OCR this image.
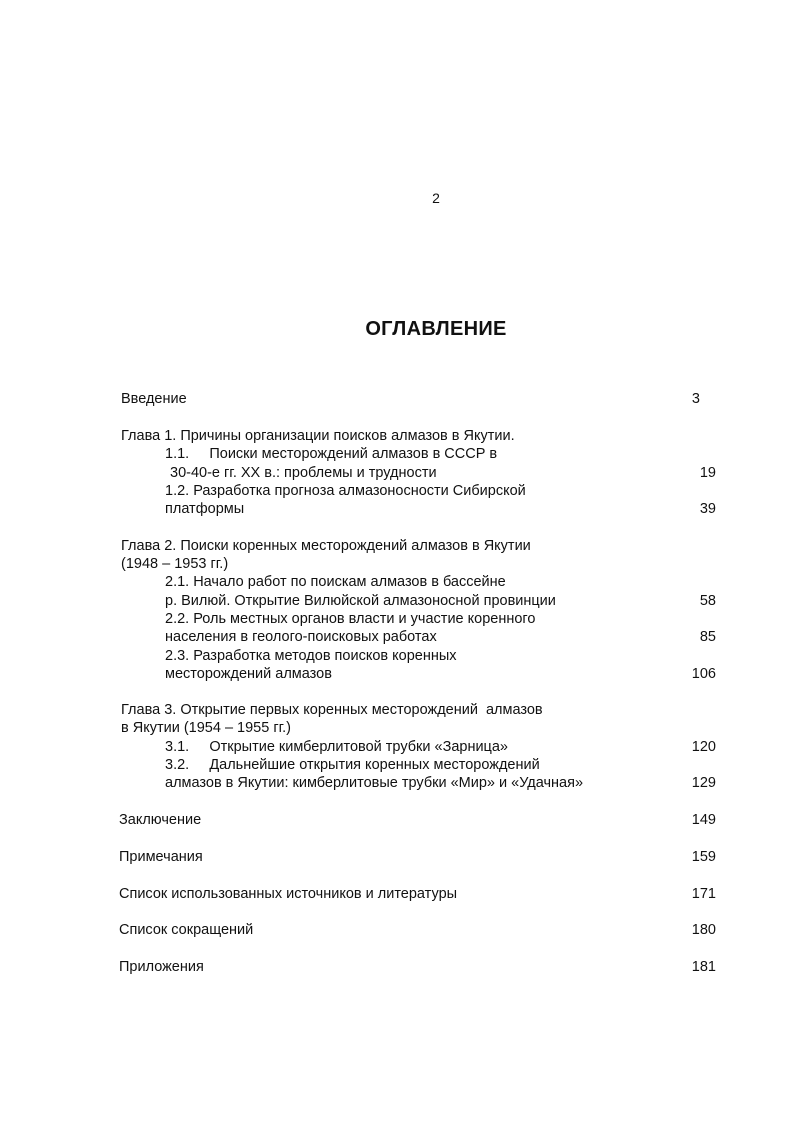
2
ОГЛАВЛЕНИЕ
Введение	3
Глава 1. Причины организации поисков алмазов в Якутии.
1.1.     Поиски месторождений алмазов в СССР в
30-40-е гг. XX в.: проблемы и трудности	19
1.2. Разработка прогноза алмазоносности Сибирской
платформы	39
Глава 2. Поиски коренных месторождений алмазов в Якутии
(1948 – 1953 гг.)
2.1. Начало работ по поискам алмазов в бассейне
р. Вилюй. Открытие Вилюйской алмазоносной провинции	58
2.2. Роль местных органов власти и участие коренного
населения в геолого-поисковых работах	85
2.3. Разработка методов поисков коренных
месторождений алмазов	106
Глава 3. Открытие первых коренных месторождений  алмазов
в Якутии (1954 – 1955 гг.)
3.1.     Открытие кимберлитовой трубки «Зарница»	120
3.2.     Дальнейшие открытия коренных месторождений
алмазов в Якутии: кимберлитовые трубки «Мир» и «Удачная»	129
Заключение	149
Примечания	159
Список использованных источников и литературы	171
Список сокращений	180
Приложения	181
